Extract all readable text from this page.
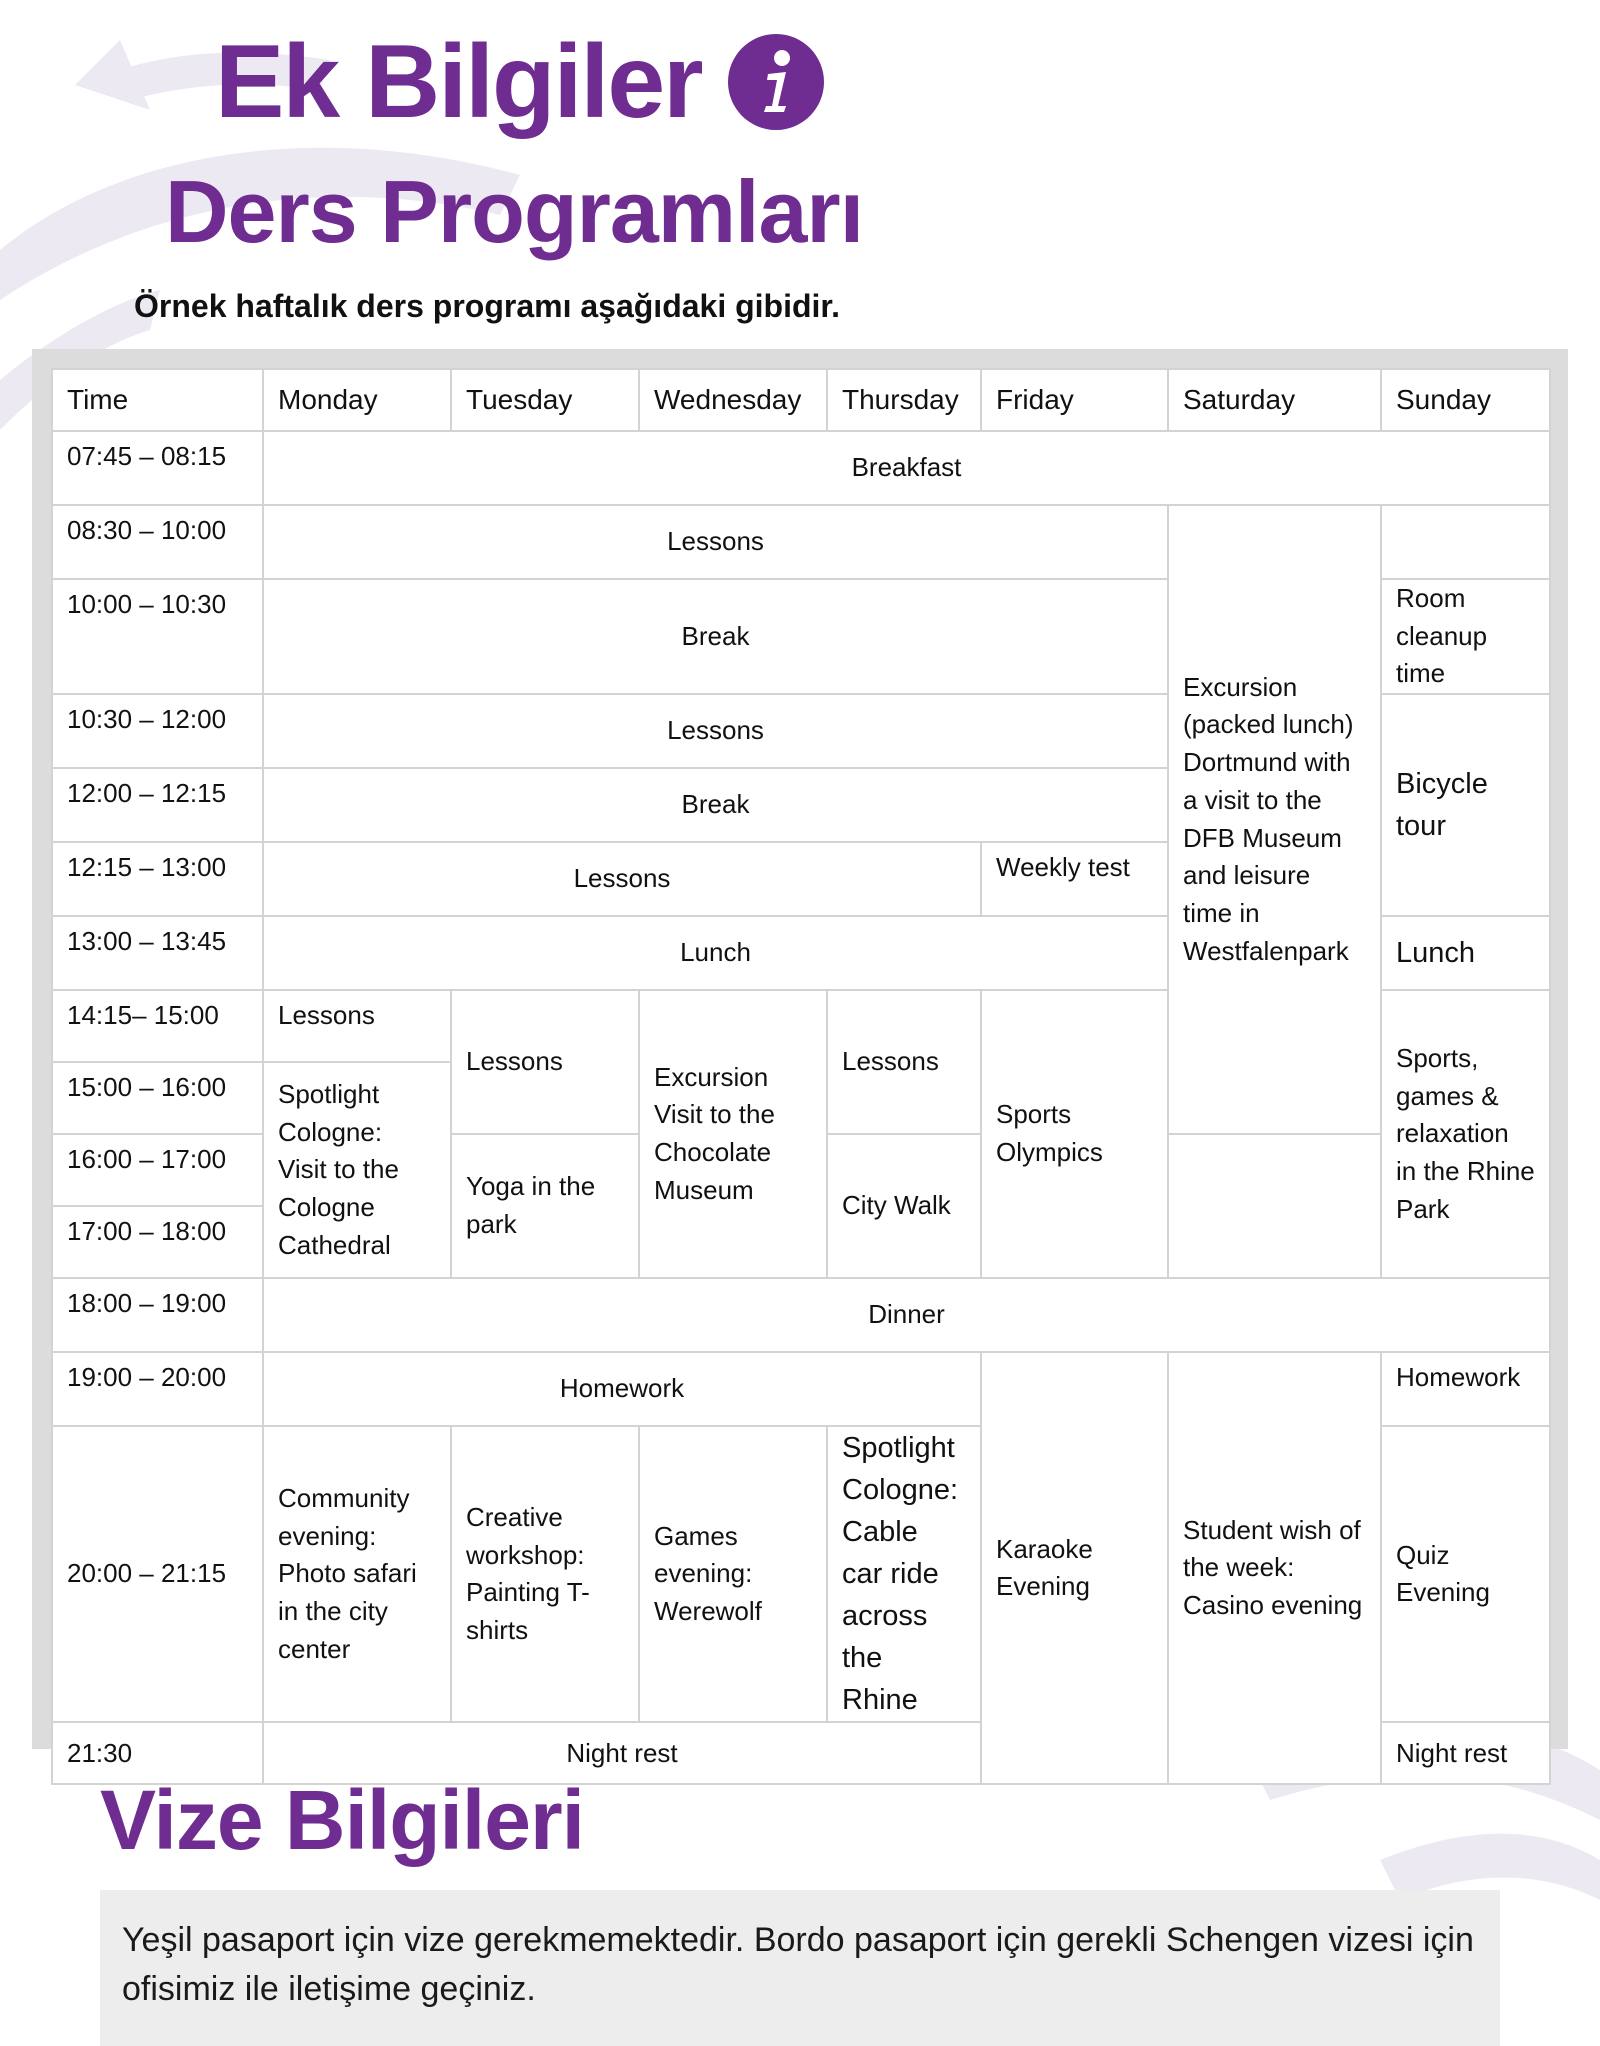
Ek Bilgiler
Ders Programları
Örnek haftalık ders programı aşağıdaki gibidir.
Time	Monday	Tuesday	Wednesday	Thursday	Friday	Saturday	Sunday
07:45 – 08:15	Breakfast						
08:30 – 10:00	Lessons					Excursion (packed lunch) Dortmund with a visit to the DFB Museum and leisure time in Westfalenpark	
10:00 – 10:30	Break						Room cleanup time
10:30 – 12:00	Lessons						Bicycle tour
12:00 – 12:15	Break						
12:15 – 13:00	Lessons				Weekly test		
13:00 – 13:45	Lunch						Lunch
14:15– 15:00	Lessons	Lessons	Excursion Visit to the Chocolate Museum	Lessons	Sports Olympics		Sports, games & relaxation in the Rhine Park
15:00 – 16:00	Spotlight Cologne: Visit to the Cologne Cathedral						
16:00 – 17:00		Yoga in the park		City Walk			
17:00 – 18:00							
18:00 – 19:00	Dinner						
19:00 – 20:00	Homework				Karaoke Evening	Student wish of the week: Casino evening	Homework
20:00 – 21:15	Community evening: Photo safari in the city center	Creative workshop: Painting T-shirts	Games evening: Werewolf	Spotlight Cologne: Cable car ride across the Rhine			Quiz Evening
21:30	Night rest						Night rest
Vize Bilgileri
Yeşil pasaport için vize gerekmemektedir. Bordo pasaport için gerekli Schengen vizesi için ofisimiz ile iletişime geçiniz.
